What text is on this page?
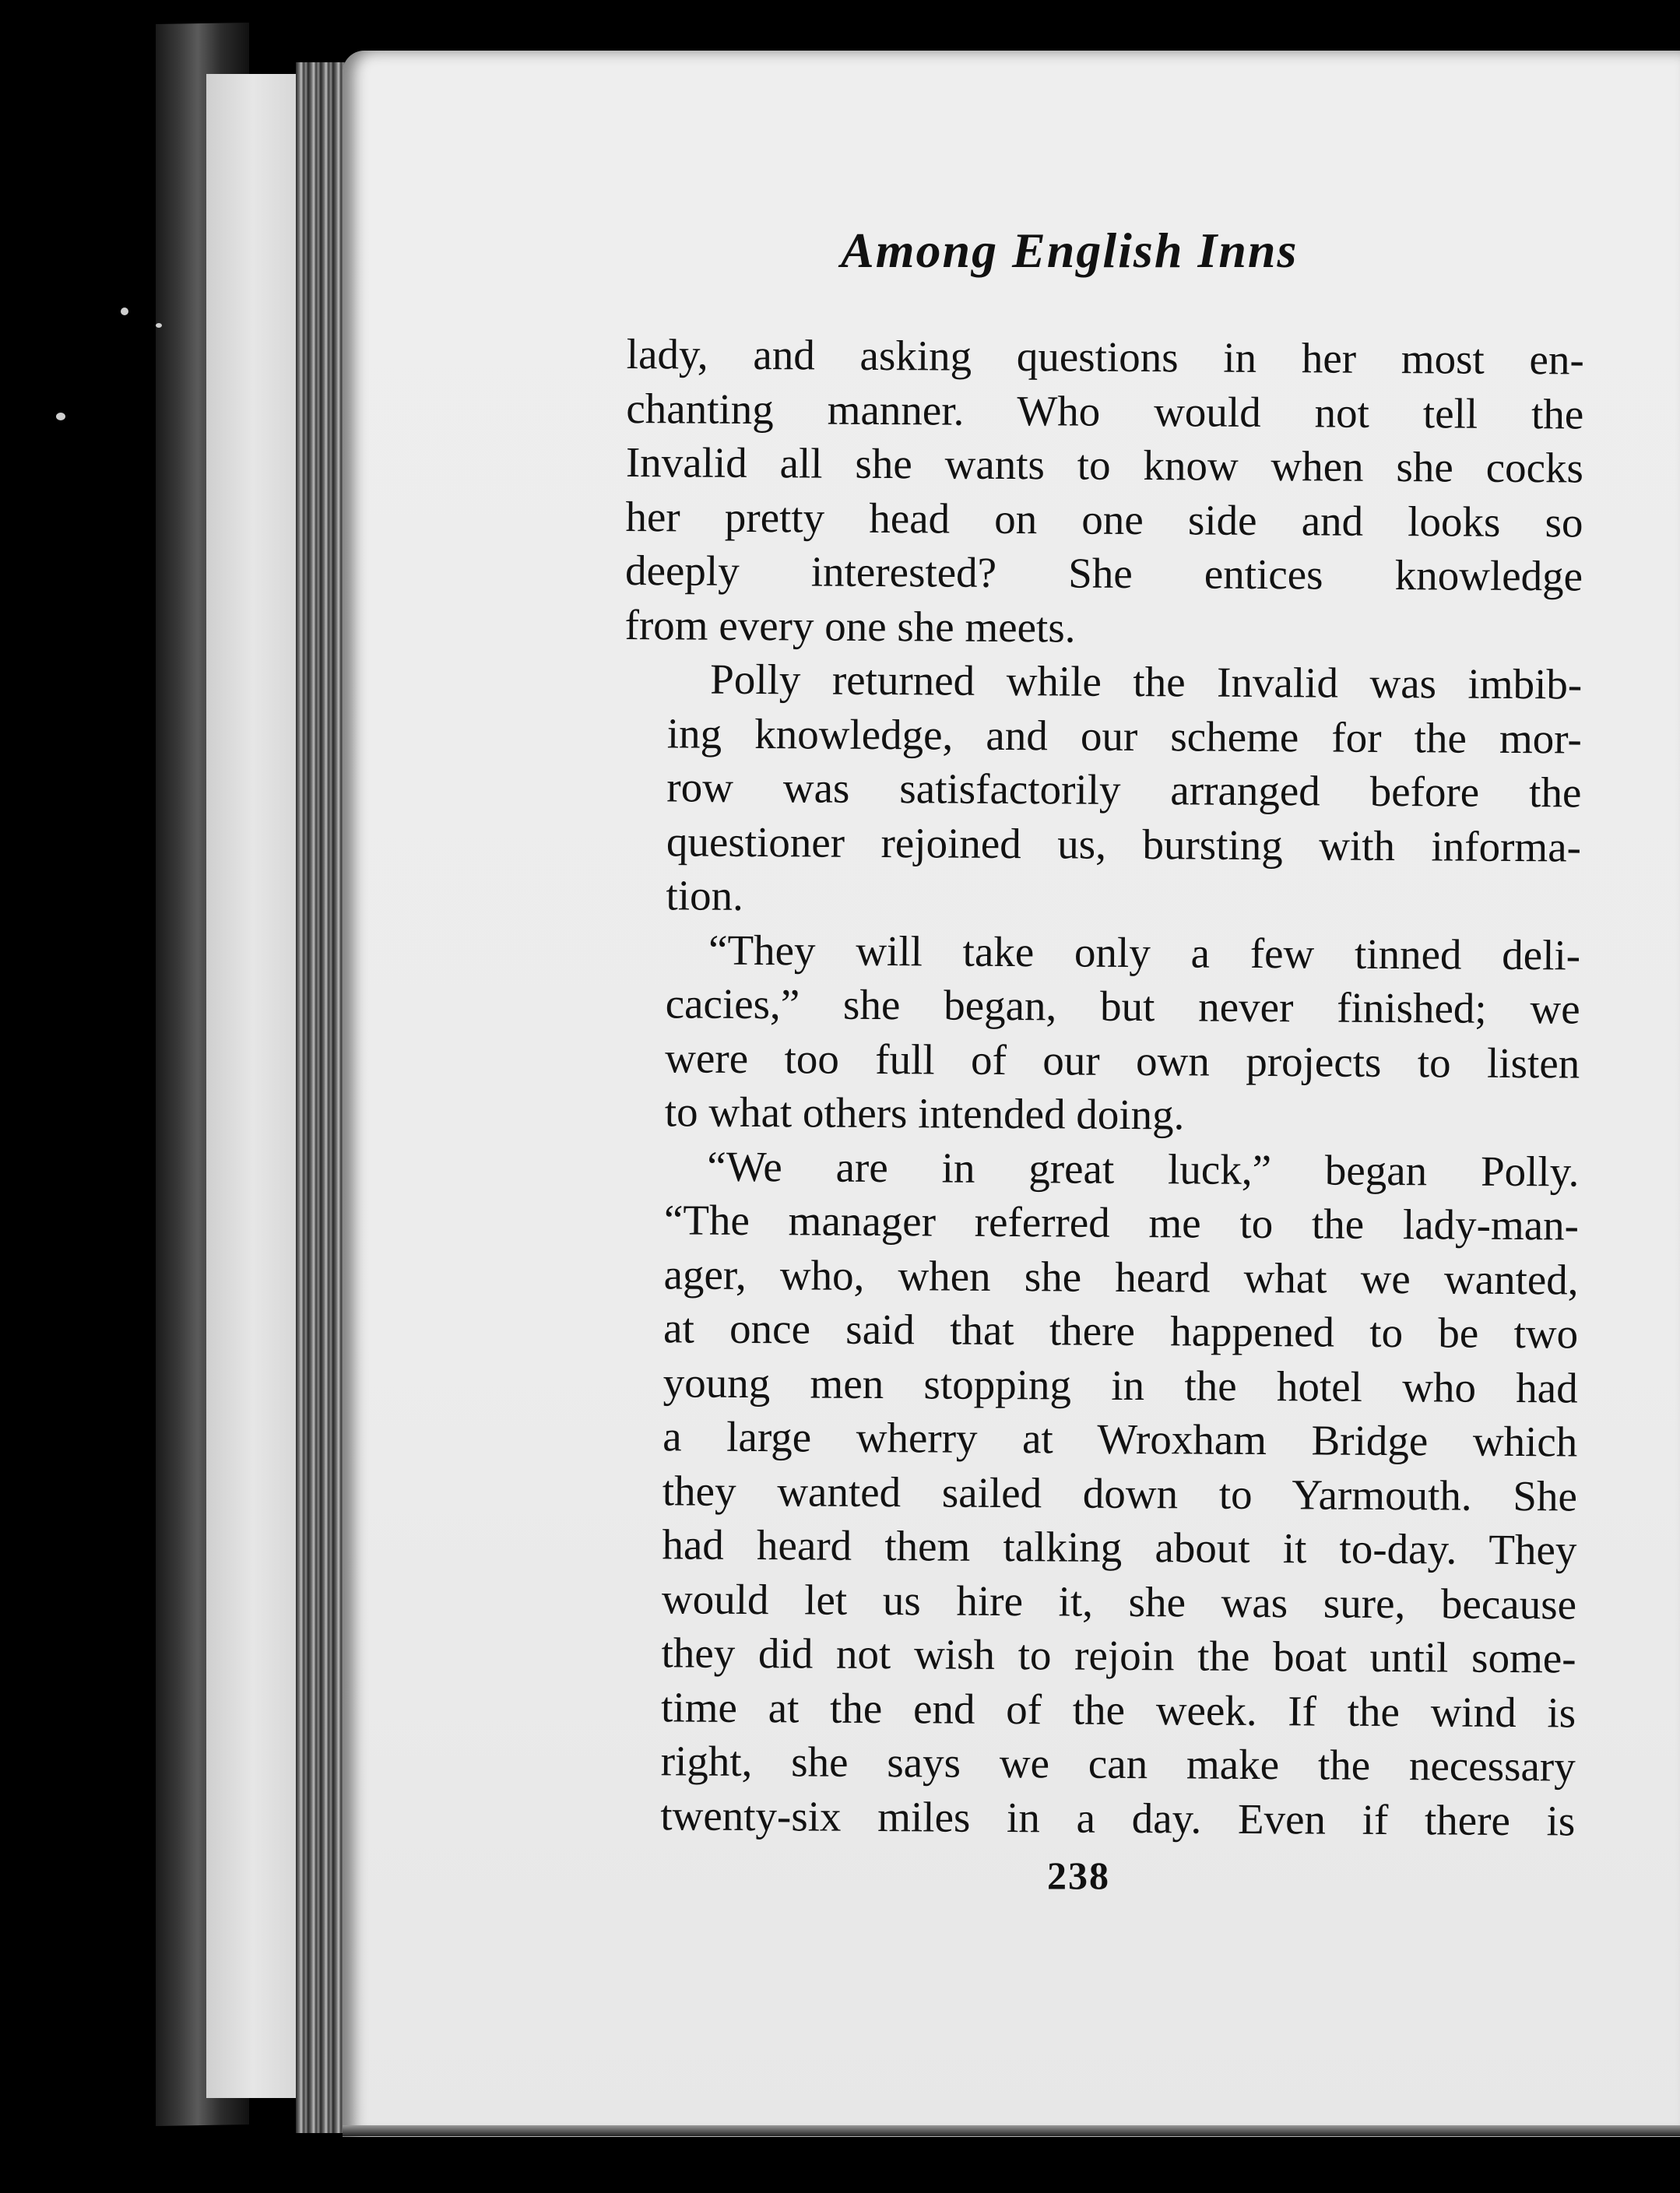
Among English Inns
lady, and asking questions in her most en-
chanting manner. Who would not tell the
Invalid all she wants to know when she cocks
her pretty head on one side and looks so
deeply interested? She entices knowledge
from every one she meets.
Polly returned while the Invalid was imbib-
ing knowledge, and our scheme for the mor-
row was satisfactorily arranged before the
questioner rejoined us, bursting with informa-
tion.
“They will take only a few tinned deli-
cacies,” she began, but never finished; we
were too full of our own projects to listen
to what others intended doing.
“We are in great luck,” began Polly.
“The manager referred me to the lady-man-
ager, who, when she heard what we wanted,
at once said that there happened to be two
young men stopping in the hotel who had
a large wherry at Wroxham Bridge which
they wanted sailed down to Yarmouth. She
had heard them talking about it to-day. They
would let us hire it, she was sure, because
they did not wish to rejoin the boat until some-
time at the end of the week. If the wind is
right, she says we can make the necessary
twenty-six miles in a day. Even if there is
238
